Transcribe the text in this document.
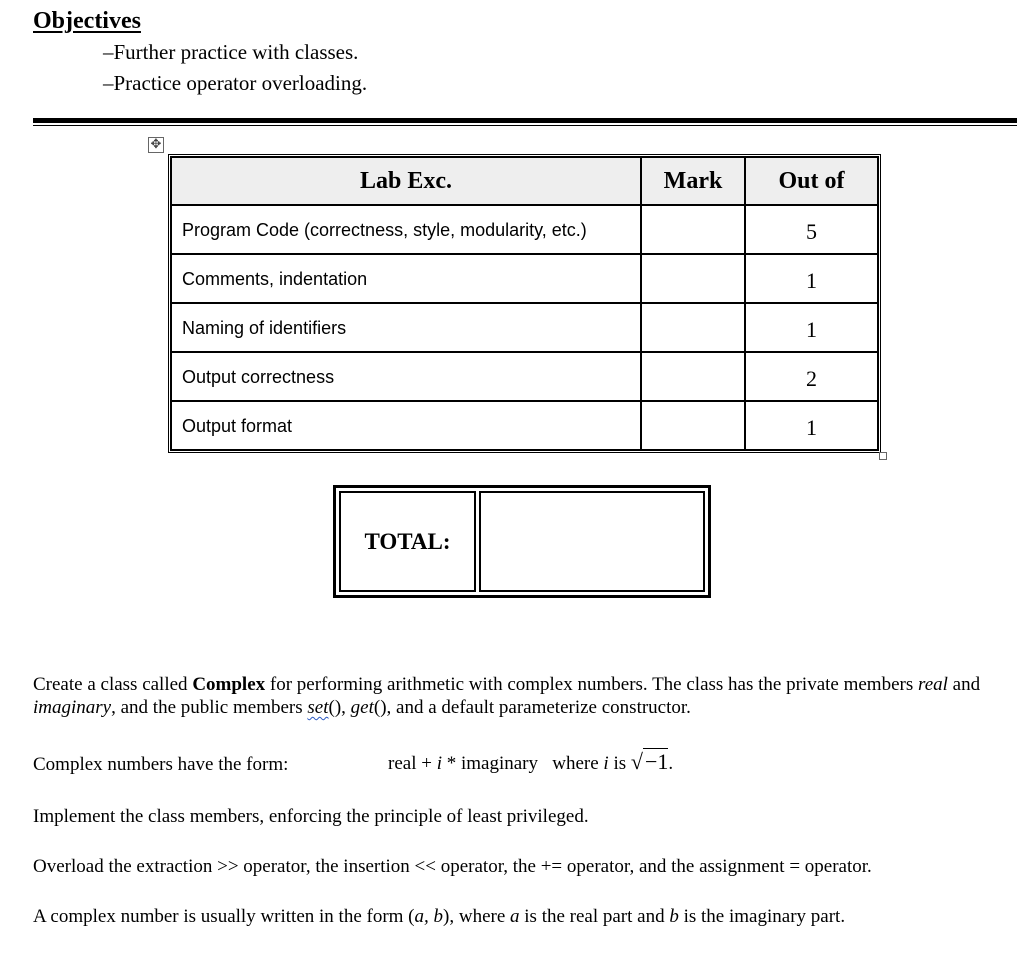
Objectives
–Further practice with classes.
–Practice operator overloading.
✥
Lab Exc.	Mark	Out of
Program Code (correctness, style, modularity, etc.)		5
Comments, indentation		1
Naming of identifiers		1
Output correctness		2
Output format		1
TOTAL:	
Create a class called Complex for performing arithmetic with complex numbers. The class has the private members real and imaginary, and the public members set(), get(), and a default parameterize constructor.
Complex numbers have the form:	real + i * imaginary   where i is √−1.
Implement the class members, enforcing the principle of least privileged.
Overload the extraction >> operator, the insertion << operator, the += operator, and the assignment = operator.
A complex number is usually written in the form (a, b), where a is the real part and b is the imaginary part.
